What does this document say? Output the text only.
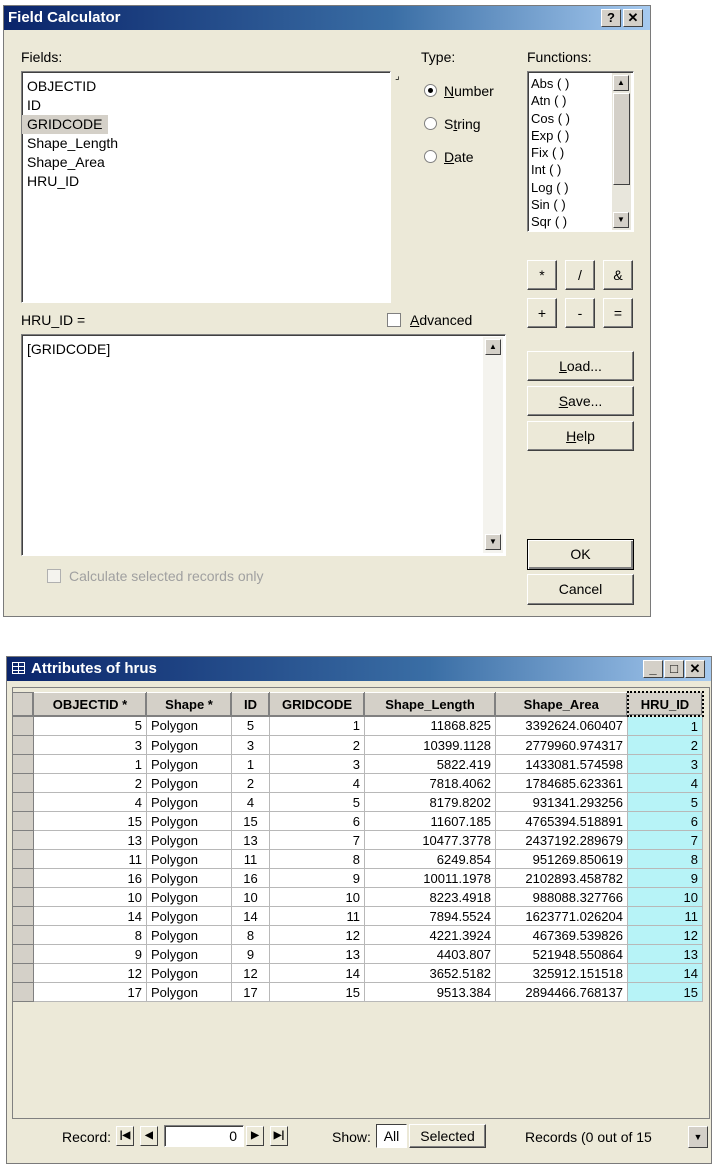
Field Calculator	? ✕
Fields:
OBJECTID
ID
GRIDCODE
Shape_Length
Shape_Area
HRU_ID
⌟
Type:
Number
String
Date
Functions:
Abs ( )
Atn ( )
Cos ( )
Exp ( )
Fix ( )
Int ( )
Log ( )
Sin ( )
Sqr ( )
▲
▼
*	/	&
+	-	=
HRU_ID =	Advanced
[GRIDCODE]	▲
▼
Load...
Save...
Help
OK
Cancel
Calculate selected records only
Attributes of hrus	_	□ ✕
	OBJECTID *	Shape *	ID	GRIDCODE	Shape_Length	Shape_Area	HRU_ID
	5	Polygon	5	1	11868.825	3392624.060407	1
	3	Polygon	3	2	10399.1128	2779960.974317	2
	1	Polygon	1	3	5822.419	1433081.574598	3
	2	Polygon	2	4	7818.4062	1784685.623361	4
	4	Polygon	4	5	8179.8202	931341.293256	5
	15	Polygon	15	6	11607.185	4765394.518891	6
	13	Polygon	13	7	10477.3778	2437192.289679	7
	11	Polygon	11	8	6249.854	951269.850619	8
	16	Polygon	16	9	10011.1978	2102893.458782	9
	10	Polygon	10	10	8223.4918	988088.327766	10
	14	Polygon	14	11	7894.5524	1623771.026204	11
	8	Polygon	8	12	4221.3924	467369.539826	12
	9	Polygon	9	13	4403.807	521948.550864	13
	12	Polygon	12	14	3652.5182	325912.151518	14
	17	Polygon	17	15	9513.384	2894466.768137	15
Record: |◀	◀	0	▶	▶|	Show: All	Selected	Records (0 out of 15	▼
